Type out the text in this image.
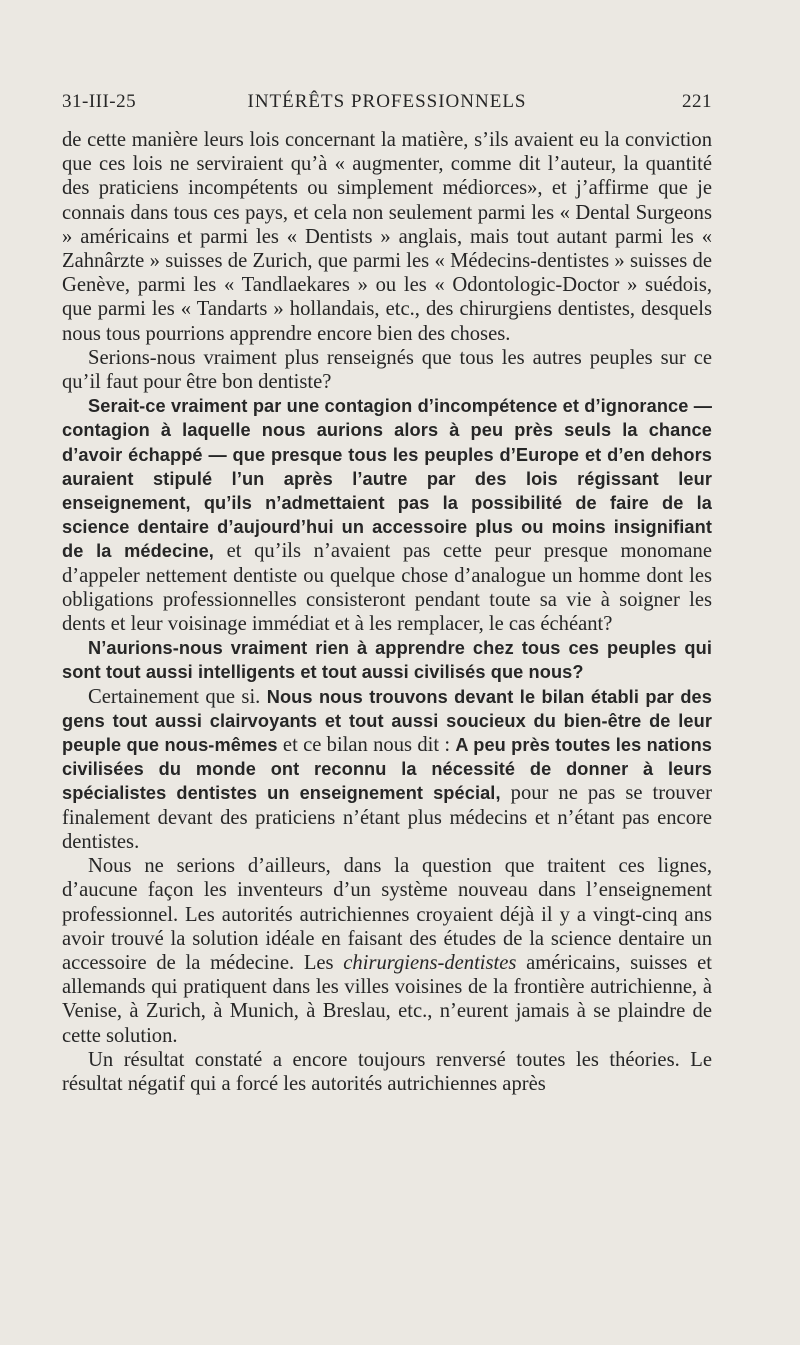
31-III-25	INTÉRÊTS PROFESSIONNELS	221

de cette manière leurs lois concernant la matière, s’ils avaient eu la conviction que ces lois ne serviraient qu’à « augmenter, comme dit l’auteur, la quantité des praticiens incompétents ou simplement médiorces», et j’affirme que je connais dans tous ces pays, et cela non seulement parmi les « Dental Surgeons » américains et parmi les « Dentists » anglais, mais tout autant parmi les « Zahnârzte » suisses de Zurich, que parmi les « Médecins-dentistes » suisses de Genève, parmi les « Tandlaekares » ou les « Odontologic-Doctor » suédois, que parmi les « Tandarts » hollandais, etc., des chirurgiens dentistes, desquels nous tous pourrions apprendre encore bien des choses.

Serions-nous vraiment plus renseignés que tous les autres peuples sur ce qu’il faut pour être bon dentiste?

Serait-ce vraiment par une contagion d’incompétence et d’ignorance — contagion à laquelle nous aurions alors à peu près seuls la chance d’avoir échappé — que presque tous les peuples d’Europe et d’en dehors auraient stipulé l’un après l’autre par des lois régissant leur enseignement, qu’ils n’admettaient pas la possibilité de faire de la science dentaire d’aujourd’hui un accessoire plus ou moins insignifiant de la médecine, et qu’ils n’avaient pas cette peur presque monomane d’appeler nettement dentiste ou quelque chose d’analogue un homme dont les obligations professionnelles consisteront pendant toute sa vie à soigner les dents et leur voisinage immédiat et à les remplacer, le cas échéant?

N’aurions-nous vraiment rien à apprendre chez tous ces peuples qui sont tout aussi intelligents et tout aussi civilisés que nous?

Certainement que si. Nous nous trouvons devant le bilan établi par des gens tout aussi clairvoyants et tout aussi soucieux du bien-être de leur peuple que nous-mêmes et ce bilan nous dit : A peu près toutes les nations civilisées du monde ont reconnu la nécessité de donner à leurs spécialistes dentistes un enseignement spécial, pour ne pas se trouver finalement devant des praticiens n’étant plus médecins et n’étant pas encore dentistes.

Nous ne serions d’ailleurs, dans la question que traitent ces lignes, d’aucune façon les inventeurs d’un système nouveau dans l’enseignement professionnel. Les autorités autrichiennes croyaient déjà il y a vingt-cinq ans avoir trouvé la solution idéale en faisant des études de la science dentaire un accessoire de la médecine. Les chirurgiens-dentistes américains, suisses et allemands qui pratiquent dans les villes voisines de la frontière autrichienne, à Venise, à Zurich, à Munich, à Breslau, etc., n’eurent jamais à se plaindre de cette solution.

Un résultat constaté a encore toujours renversé toutes les théories. Le résultat négatif qui a forcé les autorités autrichiennes après
